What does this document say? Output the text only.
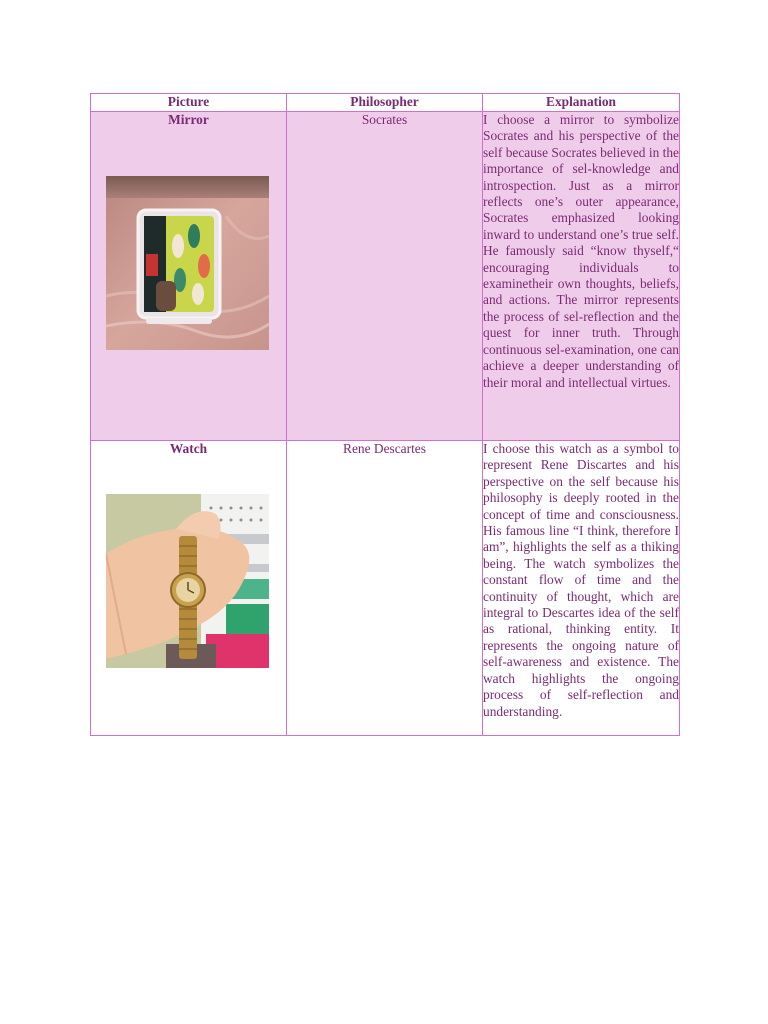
Picture	Philosopher	Explanation

Mirror	Socrates	I choose a mirror to symbolize Socrates and his perspective of the self because Socrates believed in the importance of sel-knowledge and introspection. Just as a mirror reflects one’s outer appearance, Socrates emphasized looking inward to understand one’s true self. He famously said “know thyself,“ encouraging individuals to examinetheir own thoughts, beliefs, and actions. The mirror represents the process of sel-reflection and the quest for inner truth. Through continuous sel-examination, one can achieve a deeper understanding of their moral and intellectual virtues.

Watch	Rene Descartes	I choose this watch as a symbol to represent Rene Discartes and his perspective on the self because his philosophy is deeply rooted in the concept of time and consciousness. His famous line “I think, therefore I am”, highlights the self as a thiking being. The watch symbolizes the constant flow of time and the continuity of thought, which are integral to Descartes idea of the self as rational, thinking entity. It represents the ongoing nature of self-awareness and existence. The watch highlights the ongoing process of self-reflection and understanding.
